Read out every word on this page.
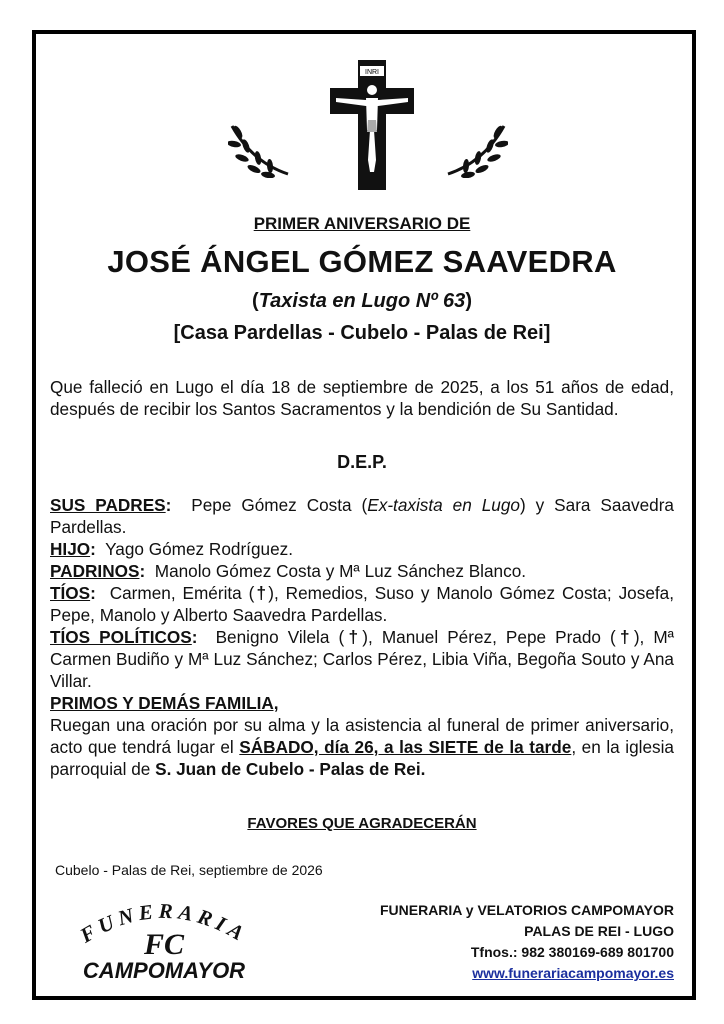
INRI
PRIMER ANIVERSARIO DE
JOSÉ ÁNGEL GÓMEZ SAAVEDRA
(Taxista en Lugo Nº 63)
[Casa Pardellas - Cubelo - Palas de Rei]
Que falleció en Lugo el día 18 de septiembre de 2025, a los 51 años de edad, después de recibir los Santos Sacramentos y la bendición de Su Santidad.
D.E.P.

SUS PADRES: Pepe Gómez Costa (Ex-taxista en Lugo) y Sara Saavedra Pardellas.

HIJO: Yago Gómez Rodríguez.

PADRINOS: Manolo Gómez Costa y Mª Luz Sánchez Blanco.

TÍOS: Carmen, Emérita (†), Remedios, Suso y Manolo Gómez Costa; Josefa, Pepe, Manolo y Alberto Saavedra Pardellas.

TÍOS POLÍTICOS: Benigno Vilela (†), Manuel Pérez, Pepe Prado (†), Mª Carmen Budiño y Mª Luz Sánchez; Carlos Pérez, Libia Viña, Begoña Souto y Ana Villar.

PRIMOS Y DEMÁS FAMILIA,

Ruegan una oración por su alma y la asistencia al funeral de primer aniversario, acto que tendrá lugar el SÁBADO, día 26, a las SIETE de la tarde, en la iglesia parroquial de S. Juan de Cubelo - Palas de Rei.

FAVORES QUE AGRADECERÁN
Cubelo - Palas de Rei, septiembre de 2026
FUNERARIA
FC
CAMPOMAYOR
FUNERARIA y VELATORIOS CAMPOMAYOR
PALAS DE REI - LUGO
Tfnos.: 982 380169-689 801700
www.funerariacampomayor.es
